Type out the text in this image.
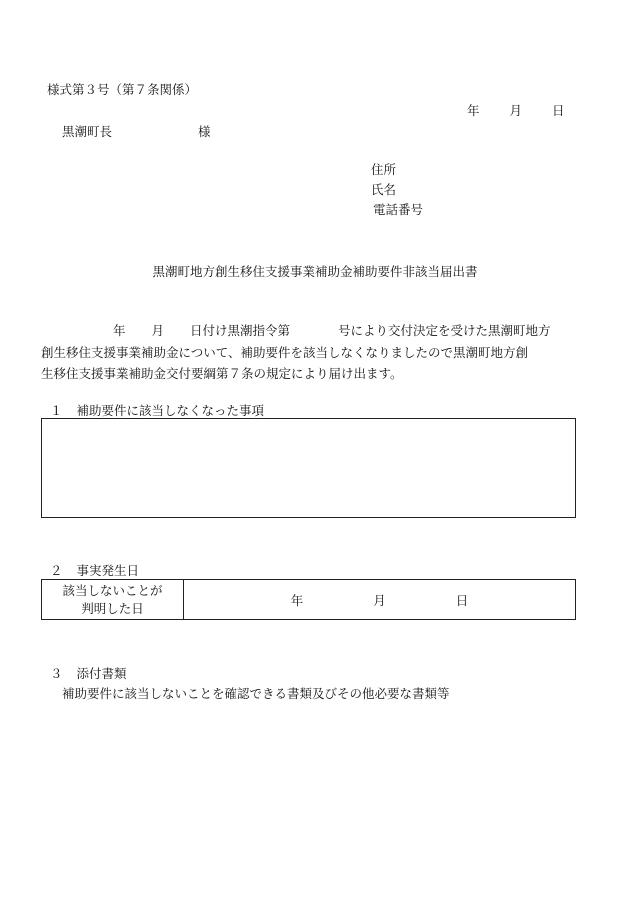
様式第３号（第７条関係）
年 月 日
黒潮町長	様
住所
氏名
電話番号
黒潮町地方創生移住支援事業補助金補助要件非該当届出書
年 月 日付け黒潮指令第	号により交付決定を受けた黒潮町地方
創生移住支援事業補助金について、補助要件を該当しなくなりましたので黒潮町地方創
生移住支援事業補助金交付要綱第７条の規定により届け出ます。
１ 補助要件に該当しなくなった事項
２ 事実発生日
該当しないことが
判明した日
	年	月	日
３ 添付書類
補助要件に該当しないことを確認できる書類及びその他必要な書類等
